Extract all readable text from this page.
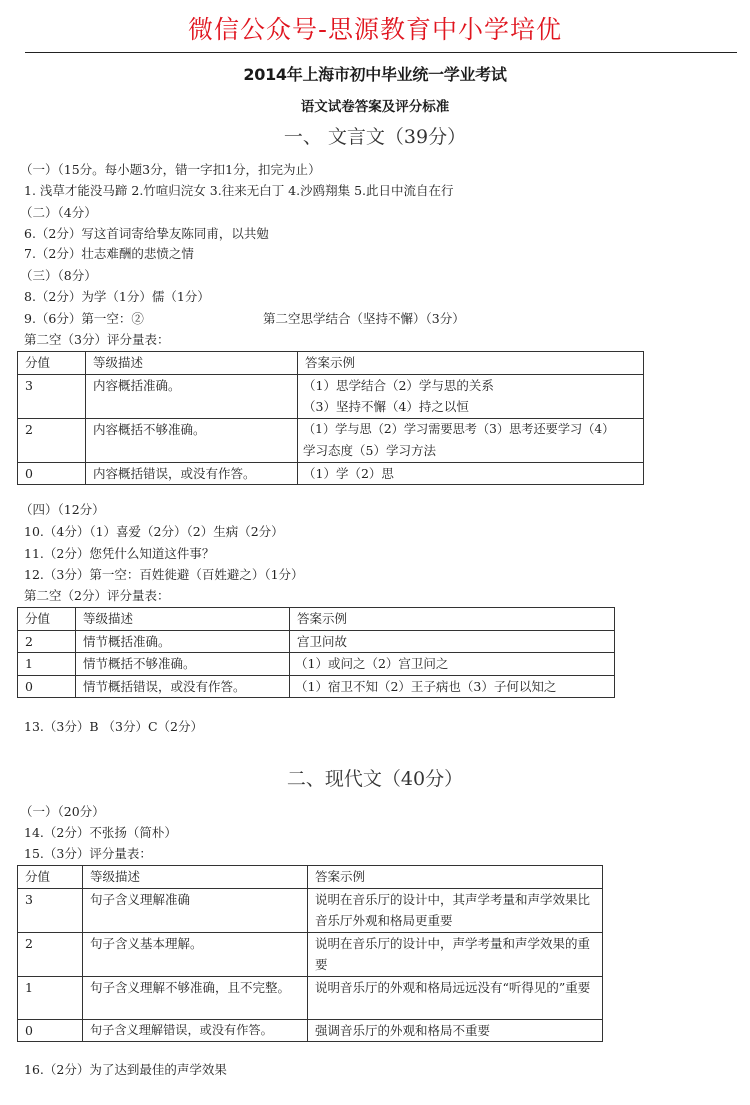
微信公众号-思源教育中小学培优
2014年上海市初中毕业统一学业考试
语文试卷答案及评分标准
一、 文言文（39分）
（一）（15分。每小题3分，错一字扣1分，扣完为止）
1. 浅草才能没马蹄 2.竹喧归浣女 3.往来无白丁 4.沙鸥翔集 5.此日中流自在行
（二）（4分）
6.（2分）写这首词寄给挚友陈同甫，以共勉
7.（2分）壮志难酬的悲愤之情
（三）（8分）
8.（2分）为学（1分）儒（1分）
9.（6分）第一空：②	第二空思学结合（坚持不懈）（3分）
第二空（3分）评分量表：
分值	等级描述	答案示例
3	内容概括准确。	（1）思学结合（2）学与思的关系
（3）坚持不懈（4）持之以恒

2	内容概括不够准确。	（1）学与思（2）学习需要思考（3）思考还要学习（4）
学习态度（5）学习方法

0	内容概括错误，或没有作答。	（1）学（2）思
（四）（12分）
10.（4分）（1）喜爱（2分）（2）生病（2分）
11.（2分）您凭什么知道这件事？
12.（3分）第一空：百姓徙避（百姓避之）（1分）
第二空（2分）评分量表：
分值	等级描述	答案示例
2	情节概括准确。	宫卫问故
1	情节概括不够准确。	（1）或问之（2）宫卫问之
0	情节概括错误，或没有作答。	（1）宿卫不知（2）王子病也（3）子何以知之
13.（3分）B （3分）C（2分）
二、现代文（40分）
（一）（20分）
14.（2分）不张扬（简朴）
15.（3分）评分量表：
分值	等级描述	答案示例
3	句子含义理解准确	说明在音乐厅的设计中，其声学考量和声学效果比音乐厅外观和格局更重要
2	句子含义基本理解。	说明在音乐厅的设计中，声学考量和声学效果的重要
1	句子含义理解不够准确，且不完整。	说明音乐厅的外观和格局远远没有“听得见的”重要
0	句子含义理解错误，或没有作答。	强调音乐厅的外观和格局不重要
16.（2分）为了达到最佳的声学效果
